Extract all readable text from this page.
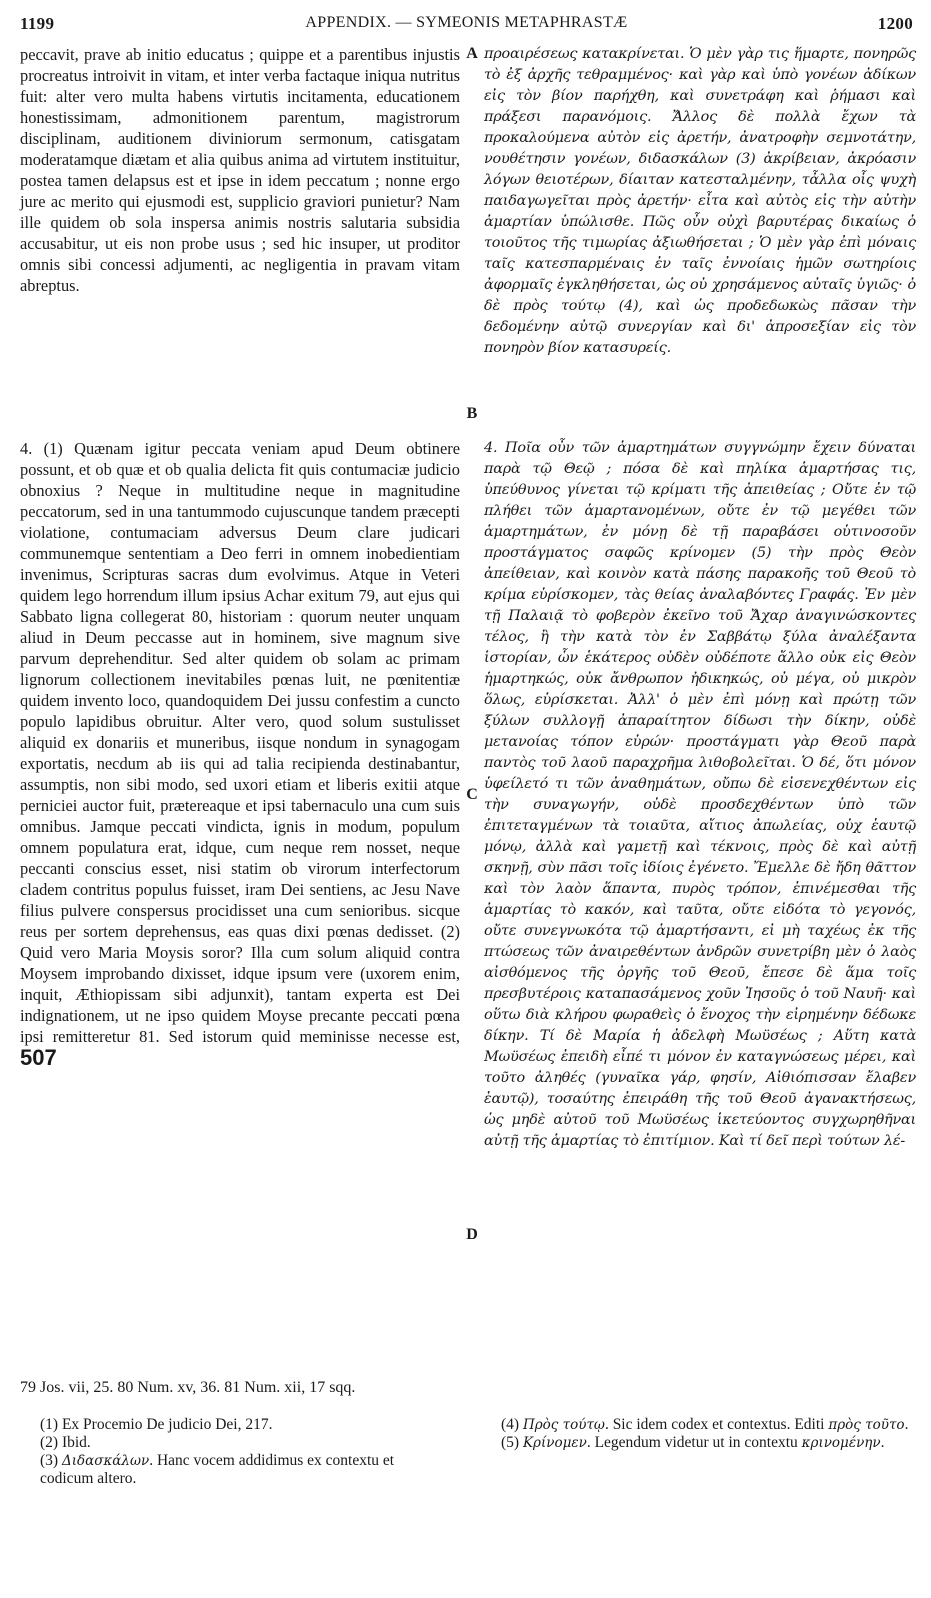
1199	APPENDIX. — SYMEONIS METAPHRASTÆ	1200
A
B
C
D

peccavit, prave ab initio educatus ; quippe et a parentibus injustis procreatus introivit in vitam, et inter verba factaque iniqua nutritus fuit: alter vero multa habens virtutis incitamenta, educationem honestissimam, admonitionem parentum, magistrorum disciplinam, auditionem diviniorum sermonum, catisgatam moderatamque diætam et alia quibus anima ad virtutem instituitur, postea tamen delapsus est et ipse in idem peccatum ; nonne ergo jure ac merito qui ejusmodi est, supplicio graviori punietur? Nam ille quidem ob sola inspersa animis nostris salutaria subsidia accusabitur, ut eis non probe usus ; sed hic insuper, ut proditor omnis sibi concessi adjumenti, ac negligentia in pravam vitam abreptus.

4. (1) Quænam igitur peccata veniam apud Deum obtinere possunt, et ob quæ et ob qualia delicta fit quis contumaciæ judicio obnoxius ? Neque in multitudine neque in magnitudine peccatorum, sed in una tantummodo cujuscunque tandem præcepti violatione, contumaciam adversus Deum clare judicari communemque sententiam a Deo ferri in omnem inobedientiam invenimus, Scripturas sacras dum evolvimus. Atque in Veteri quidem lego horrendum illum ipsius Achar exitum 79, aut ejus qui Sabbato ligna collegerat 80, historiam : quorum neuter unquam aliud in Deum peccasse aut in hominem, sive magnum sive parvum deprehenditur. Sed alter quidem ob solam ac primam lignorum collectionem inevitabiles pœnas luit, ne pœnitentiæ quidem invento loco, quandoquidem Dei jussu confestim a cuncto populo lapidibus obruitur. Alter vero, quod solum sustulisset aliquid ex donariis et muneribus, iisque nondum in synagogam exportatis, necdum ab iis qui ad talia recipienda destinabantur, assumptis, non sibi modo, sed uxori etiam et liberis exitii atque perniciei auctor fuit, prætereaque et ipsi tabernaculo una cum suis omnibus. Jamque peccati vindicta, ignis in modum, populum omnem populatura erat, idque, cum neque rem nosset, neque peccanti conscius esset, nisi statim ob virorum interfectorum cladem contritus populus fuisset, iram Dei sentiens, ac Jesu Nave filius pulvere conspersus procidisset una cum senioribus. sicque reus per sortem deprehensus, eas quas dixi pœnas dedisset. (2) Quid vero Maria Moysis soror? Illa cum solum aliquid contra Moysem improbando dixisset, idque ipsum vere (uxorem enim, inquit, Æthiopissam sibi adjunxit), tantam experta est Dei indignationem, ut ne ipso quidem Moyse precante peccati pœna ipsi remitteretur 81. Sed istorum quid meminisse necesse est, 507

προαιρέσεως κατακρίνεται. Ὁ μὲν γὰρ τις ἥμαρτε, πονηρῶς τὸ ἐξ ἀρχῆς τεθραμμένος· καὶ γὰρ καὶ ὑπὸ γονέων ἀδίκων εἰς τὸν βίον παρήχθη, καὶ συνετράφη καὶ ῥήμασι καὶ πράξεσι παρανόμοις. Ἄλλος δὲ πολλὰ ἔχων τὰ προκαλούμενα αὐτὸν εἰς ἀρετήν, ἀνατροφὴν σεμνοτάτην, νουθέτησιν γονέων, διδασκάλων (3) ἀκρίβειαν, ἀκρόασιν λόγων θειοτέρων, δίαιταν κατεσταλμένην, τἆλλα οἷς ψυχὴ παιδαγωγεῖται πρὸς ἀρετήν· εἶτα καὶ αὐτὸς εἰς τὴν αὐτὴν ἁμαρτίαν ὑπώλισθε. Πῶς οὖν οὐχὶ βαρυτέρας δικαίως ὁ τοιοῦτος τῆς τιμωρίας ἀξιωθήσεται ; Ὁ μὲν γὰρ ἐπὶ μόναις ταῖς κατεσπαρμέναις ἐν ταῖς ἐννοίαις ἡμῶν σωτηρίοις ἀφορμαῖς ἐγκληθήσεται, ὡς οὐ χρησάμενος αὐταῖς ὑγιῶς· ὁ δὲ πρὸς τούτῳ (4), καὶ ὡς προδεδωκὼς πᾶσαν τὴν δεδομένην αὐτῷ συνεργίαν καὶ δι' ἀπροσεξίαν εἰς τὸν πονηρὸν βίον κατασυρείς.

4. Ποῖα οὖν τῶν ἁμαρτημάτων συγγνώμην ἔχειν δύναται παρὰ τῷ Θεῷ ; πόσα δὲ καὶ πηλίκα ἁμαρτήσας τις, ὑπεύθυνος γίνεται τῷ κρίματι τῆς ἀπειθείας ; Οὔτε ἐν τῷ πλήθει τῶν ἁμαρτανομένων, οὔτε ἐν τῷ μεγέθει τῶν ἁμαρτημάτων, ἐν μόνῃ δὲ τῇ παραβάσει οὑτινοσοῦν προστάγματος σαφῶς κρίνομεν (5) τὴν πρὸς Θεὸν ἀπείθειαν, καὶ κοινὸν κατὰ πάσης παρακοῆς τοῦ Θεοῦ τὸ κρίμα εὑρίσκομεν, τὰς θείας ἀναλαβόντες Γραφάς. Ἐν μὲν τῇ Παλαιᾷ τὸ φοβερὸν ἐκεῖνο τοῦ Ἄχαρ ἀναγινώσκοντες τέλος, ἢ τὴν κατὰ τὸν ἐν Σαββάτῳ ξύλα ἀναλέξαντα ἱστορίαν, ὧν ἑκάτερος οὐδὲν οὐδέποτε ἄλλο οὐκ εἰς Θεὸν ἡμαρτηκώς, οὐκ ἄνθρωπον ἠδικηκώς, οὐ μέγα, οὐ μικρὸν ὅλως, εὑρίσκεται. Ἀλλ' ὁ μὲν ἐπὶ μόνῃ καὶ πρώτῃ τῶν ξύλων συλλογῇ ἀπαραίτητον δίδωσι τὴν δίκην, οὐδὲ μετανοίας τόπον εὑρών· προστάγματι γὰρ Θεοῦ παρὰ παντὸς τοῦ λαοῦ παραχρῆμα λιθοβολεῖται. Ὁ δέ, ὅτι μόνον ὑφείλετό τι τῶν ἀναθημάτων, οὔπω δὲ εἰσενεχθέντων εἰς τὴν συναγωγήν, οὐδὲ προσδεχθέντων ὑπὸ τῶν ἐπιτεταγμένων τὰ τοιαῦτα, αἴτιος ἀπωλείας, οὐχ ἑαυτῷ μόνῳ, ἀλλὰ καὶ γαμετῇ καὶ τέκνοις, πρὸς δὲ καὶ αὐτῇ σκηνῇ, σὺν πᾶσι τοῖς ἰδίοις ἐγένετο. Ἔμελλε δὲ ἤδη θᾶττον καὶ τὸν λαὸν ἅπαντα, πυρὸς τρόπον, ἐπινέμεσθαι τῆς ἁμαρτίας τὸ κακόν, καὶ ταῦτα, οὔτε εἰδότα τὸ γεγονός, οὔτε συνεγνωκότα τῷ ἁμαρτήσαντι, εἰ μὴ ταχέως ἐκ τῆς πτώσεως τῶν ἀναιρεθέντων ἀνδρῶν συνετρίβη μὲν ὁ λαὸς αἰσθόμενος τῆς ὀργῆς τοῦ Θεοῦ, ἔπεσε δὲ ἅμα τοῖς πρεσβυτέροις καταπασάμενος χοῦν Ἰησοῦς ὁ τοῦ Ναυῆ· καὶ οὕτω διὰ κλήρου φωραθεὶς ὁ ἔνοχος τὴν εἰρημένην δέδωκε δίκην. Τί δὲ Μαρία ἡ ἀδελφὴ Μωϋσέως ; Αὕτη κατὰ Μωϋσέως ἐπειδὴ εἶπέ τι μόνον ἐν καταγνώσεως μέρει, καὶ τοῦτο ἀληθές (γυναῖκα γάρ, φησίν, Αἰθιόπισσαν ἔλαβεν ἑαυτῷ), τοσαύτης ἐπειράθη τῆς τοῦ Θεοῦ ἀγανακτήσεως, ὡς μηδὲ αὐτοῦ τοῦ Μωϋσέως ἱκετεύοντος συγχωρηθῆναι αὐτῇ τῆς ἁμαρτίας τὸ ἐπιτίμιον. Καὶ τί δεῖ περὶ τούτων λέ-

79 Jos. vii, 25. 80 Num. xv, 36. 81 Num. xii, 17 sqq.
(1) Ex Procemio De judicio Dei, 217.
(2) Ibid.
(3) Διδασκάλων. Hanc vocem addidimus ex contextu et codicum altero.
(4) Πρὸς τούτῳ. Sic idem codex et contextus. Editi πρὸς τοῦτο.
(5) Κρίνομεν. Legendum videtur ut in contextu κρινομένην.
